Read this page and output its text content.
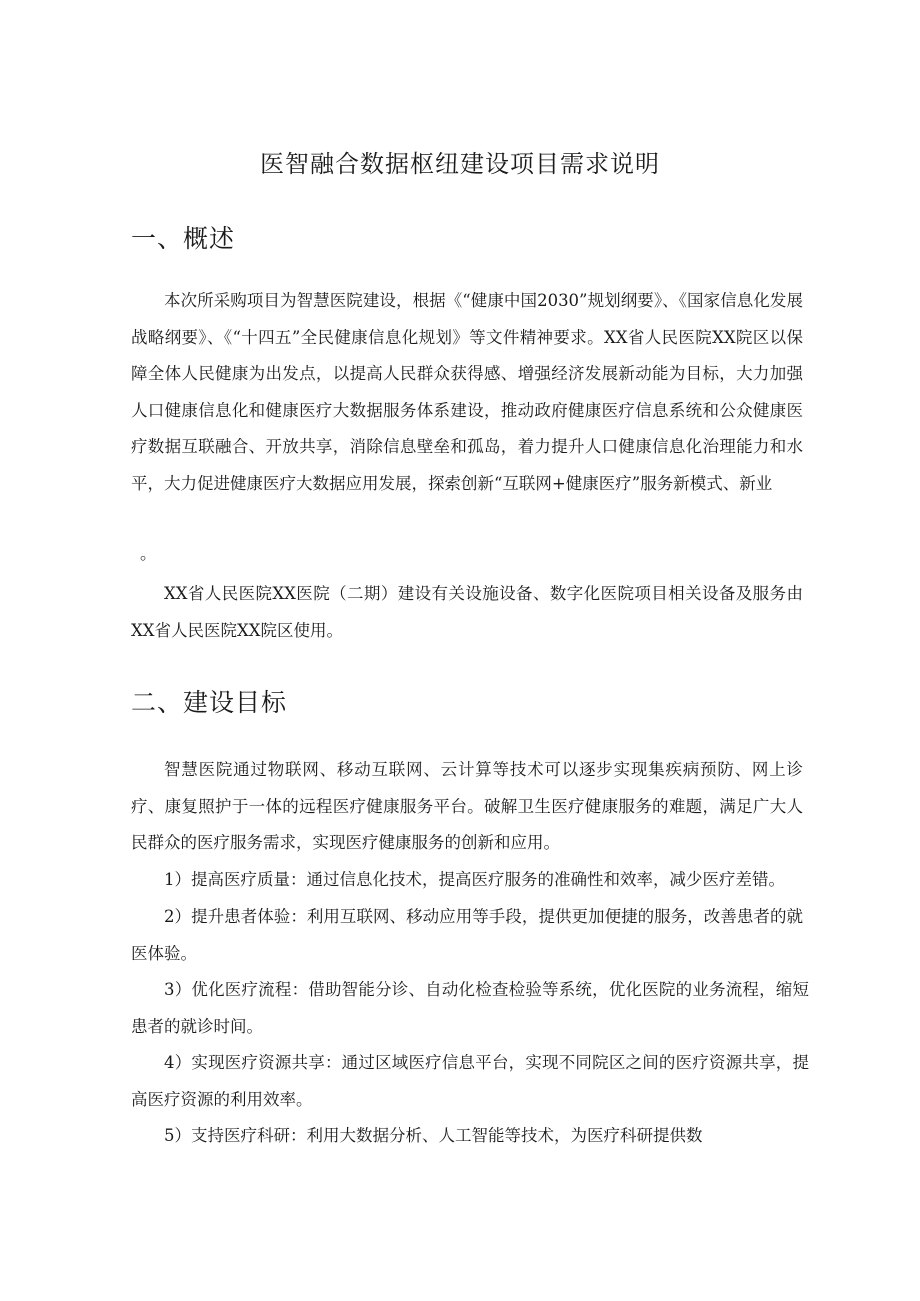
医智融合数据枢纽建设项目需求说明
一、概述

本次所采购项目为智慧医院建设，根据《“健康中国2030”规划纲要》、《国家信息化发展战略纲要》、《“十四五”全民健康信息化规划》等文件精神要求。XX省人民医院XX院区以保障全体人民健康为出发点，以提高人民群众获得感、增强经济发展新动能为目标，大力加强人口健康信息化和健康医疗大数据服务体系建设，推动政府健康医疗信息系统和公众健康医疗数据互联融合、开放共享，消除信息壁垒和孤岛，着力提升人口健康信息化治理能力和水平，大力促进健康医疗大数据应用发展，探索创新“互联网+健康医疗”服务新模式、新业

。

XX省人民医院XX医院（二期）建设有关设施设备、数字化医院项目相关设备及服务由XX省人民医院XX院区使用。

二、建设目标

智慧医院通过物联网、移动互联网、云计算等技术可以逐步实现集疾病预防、网上诊疗、康复照护于一体的远程医疗健康服务平台。破解卫生医疗健康服务的难题，满足广大人民群众的医疗服务需求，实现医疗健康服务的创新和应用。

1）提高医疗质量：通过信息化技术，提高医疗服务的准确性和效率，减少医疗差错。

2）提升患者体验：利用互联网、移动应用等手段，提供更加便捷的服务，改善患者的就医体验。

3）优化医疗流程：借助智能分诊、自动化检查检验等系统，优化医院的业务流程，缩短患者的就诊时间。

4）实现医疗资源共享：通过区域医疗信息平台，实现不同院区之间的医疗资源共享，提高医疗资源的利用效率。

5）支持医疗科研：利用大数据分析、人工智能等技术，为医疗科研提供数
